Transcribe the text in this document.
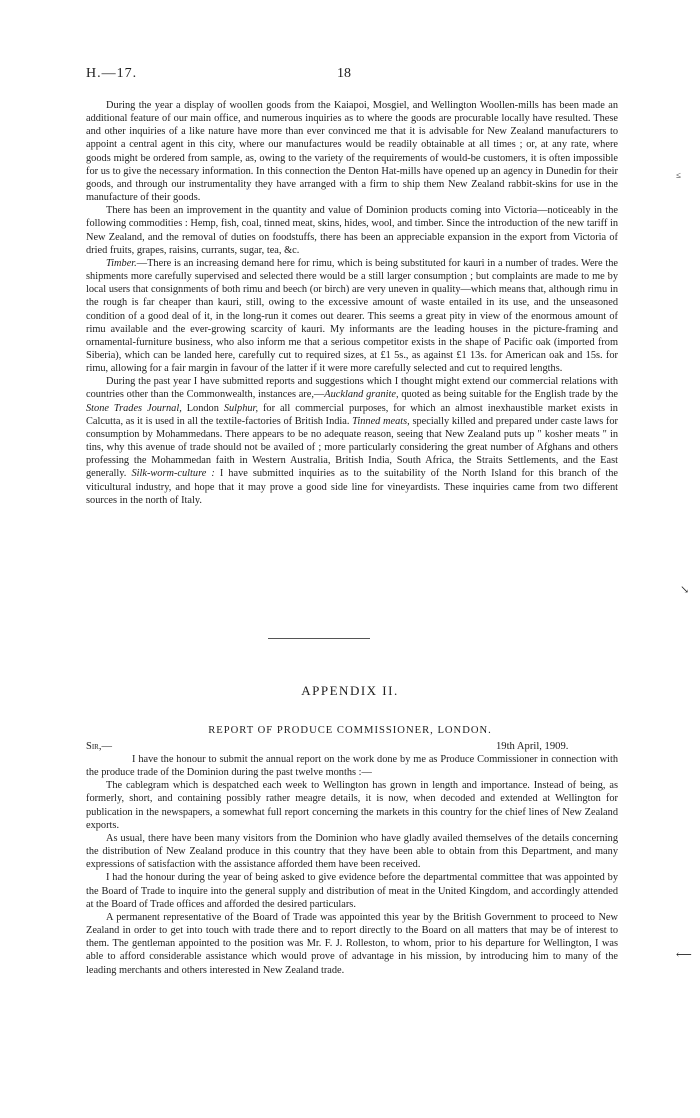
H.—17.	18

During the year a display of woollen goods from the Kaiapoi, Mosgiel, and Wellington Woollen-mills has been made an additional feature of our main office, and numerous inquiries as to where the goods are procurable locally have resulted. These and other inquiries of a like nature have more than ever convinced me that it is advisable for New Zealand manufacturers to appoint a central agent in this city, where our manufactures would be readily obtainable at all times ; or, at any rate, where goods might be ordered from sample, as, owing to the variety of the requirements of would-be customers, it is often impossible for us to give the necessary information. In this connection the Denton Hat-mills have opened up an agency in Dunedin for their goods, and through our instrumentality they have arranged with a firm to ship them New Zealand rabbit-skins for use in the manufacture of their goods.

There has been an improvement in the quantity and value of Dominion products coming into Victoria—noticeably in the following commodities : Hemp, fish, coal, tinned meat, skins, hides, wool, and timber. Since the introduction of the new tariff in New Zealand, and the removal of duties on foodstuffs, there has been an appreciable expansion in the export from Victoria of dried fruits, grapes, raisins, currants, sugar, tea, &c.

Timber.—There is an increasing demand here for rimu, which is being substituted for kauri in a number of trades. Were the shipments more carefully supervised and selected there would be a still larger consumption ; but complaints are made to me by local users that consignments of both rimu and beech (or birch) are very uneven in quality—which means that, although rimu in the rough is far cheaper than kauri, still, owing to the excessive amount of waste entailed in its use, and the unseasoned condition of a good deal of it, in the long-run it comes out dearer. This seems a great pity in view of the enormous amount of rimu available and the ever-growing scarcity of kauri. My informants are the leading houses in the picture-framing and ornamental-furniture business, who also inform me that a serious competitor exists in the shape of Pacific oak (imported from Siberia), which can be landed here, carefully cut to required sizes, at £1 5s., as against £1 13s. for American oak and 15s. for rimu, allowing for a fair margin in favour of the latter if it were more carefully selected and cut to required lengths.

During the past year I have submitted reports and suggestions which I thought might extend our commercial relations with countries other than the Commonwealth, instances are,—Auckland granite, quoted as being suitable for the English trade by the Stone Trades Journal, London Sulphur, for all commercial purposes, for which an almost inexhaustible market exists in Calcutta, as it is used in all the textile-factories of British India. Tinned meats, specially killed and prepared under caste laws for consumption by Mohammedans. There appears to be no adequate reason, seeing that New Zealand puts up " kosher meats " in tins, why this avenue of trade should not be availed of ; more particularly considering the great number of Afghans and others professing the Mohammedan faith in Western Australia, British India, South Africa, the Straits Settlements, and the East generally. Silk-worm-culture : I have submitted inquiries as to the suitability of the North Island for this branch of the viticultural industry, and hope that it may prove a good side line for vineyardists. These inquiries came from two different sources in the north of Italy.

APPENDIX II.
REPORT OF PRODUCE COMMISSIONER, LONDON.
Sir,—	19th April, 1909.

I have the honour to submit the annual report on the work done by me as Produce Commissioner in connection with the produce trade of the Dominion during the past twelve months :—

The cablegram which is despatched each week to Wellington has grown in length and importance. Instead of being, as formerly, short, and containing possibly rather meagre details, it is now, when decoded and extended at Wellington for publication in the newspapers, a somewhat full report concerning the markets in this country for the chief lines of New Zealand exports.

As usual, there have been many visitors from the Dominion who have gladly availed themselves of the details concerning the distribution of New Zealand produce in this country that they have been able to obtain from this Department, and many expressions of satisfaction with the assistance afforded them have been received.

I had the honour during the year of being asked to give evidence before the departmental committee that was appointed by the Board of Trade to inquire into the general supply and distribution of meat in the United Kingdom, and accordingly attended at the Board of Trade offices and afforded the desired particulars.

A permanent representative of the Board of Trade was appointed this year by the British Government to proceed to New Zealand in order to get into touch with trade there and to report directly to the Board on all matters that may be of interest to them. The gentleman appointed to the position was Mr. F. J. Rolleston, to whom, prior to his departure for Wellington, I was able to afford considerable assistance which would prove of advantage in his mission, by introducing him to many of the leading merchants and others interested in New Zealand trade.

≤
↘
⟵
